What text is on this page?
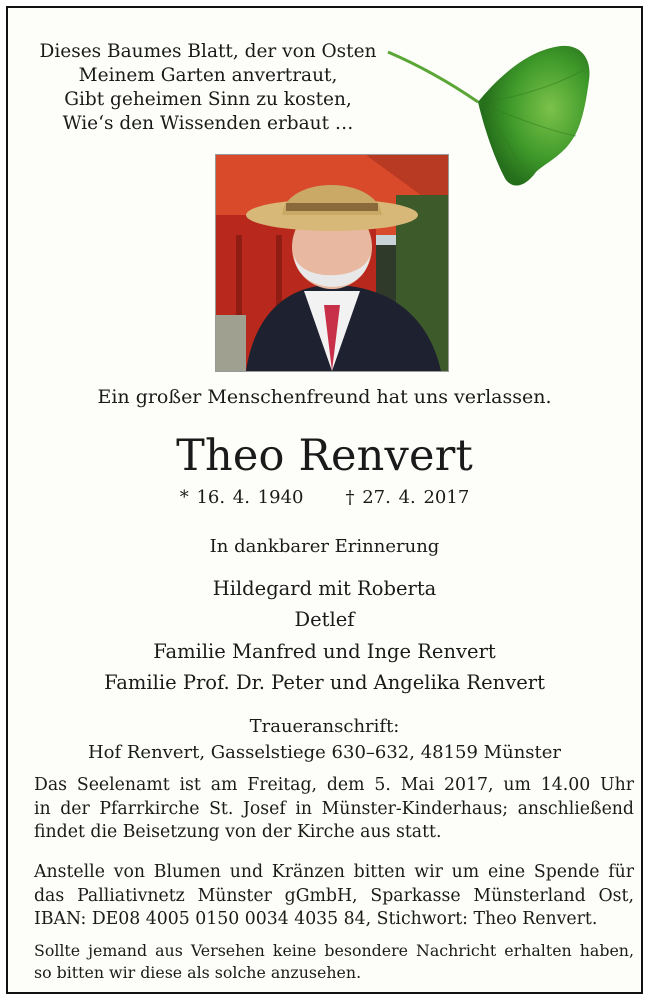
Dieses Baumes Blatt, der von Osten
Meinem Garten anvertraut,
Gibt geheimen Sinn zu kosten,
Wie‘s den Wissenden erbaut …
Ein großer Menschenfreund hat uns verlassen.
Theo Renvert
* 16. 4. 1940 † 27. 4. 2017
In dankbarer Erinnerung
Hildegard mit Roberta
Detlef
Familie Manfred und Inge Renvert
Familie Prof. Dr. Peter und Angelika Renvert
Traueranschrift:
Hof Renvert, Gasselstiege 630–632, 48159 Münster
Das Seelenamt ist am Freitag, dem 5. Mai 2017, um 14.00 Uhr
in der Pfarrkirche St. Josef in Münster-Kinderhaus; anschließend
findet die Beisetzung von der Kirche aus statt.
Anstelle von Blumen und Kränzen bitten wir um eine Spende für
das Palliativnetz Münster gGmbH, Sparkasse Münsterland Ost,
IBAN: DE08 4005 0150 0034 4035 84, Stichwort: Theo Renvert.
Sollte jemand aus Versehen keine besondere Nachricht erhalten haben,
so bitten wir diese als solche anzusehen.
